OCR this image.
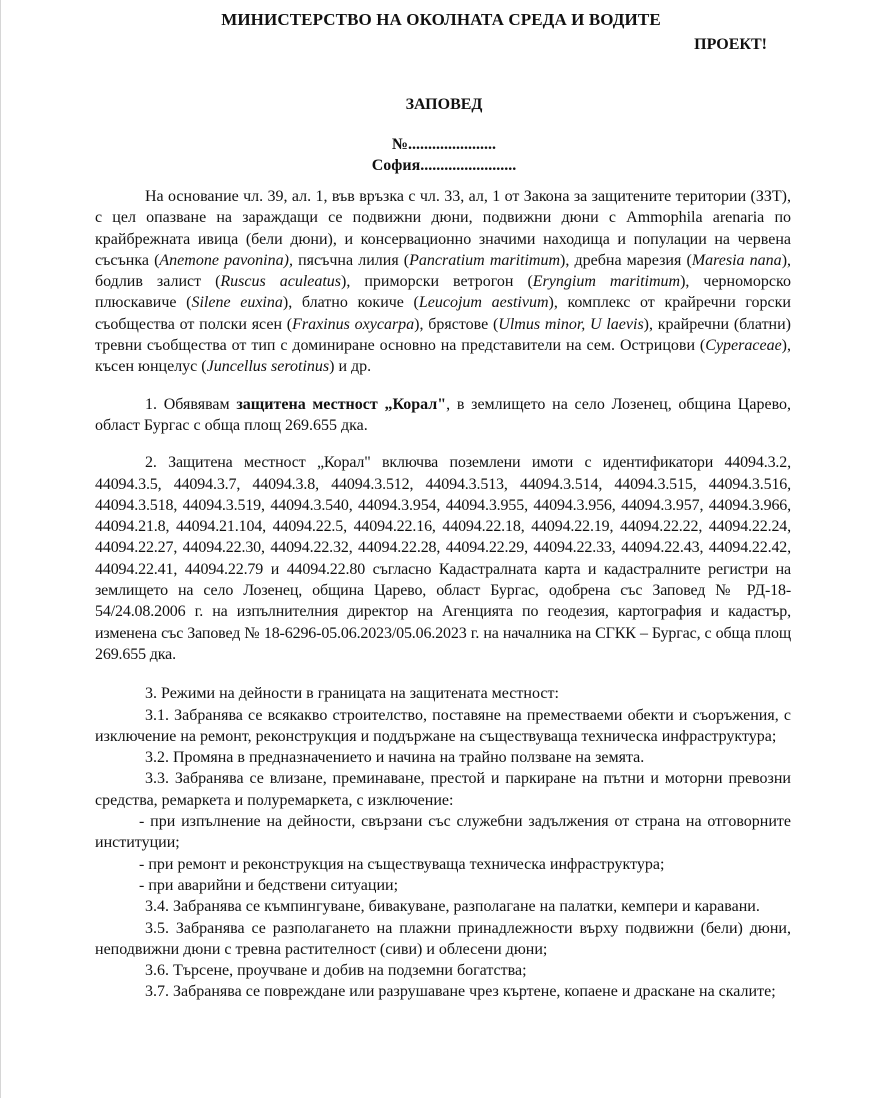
МИНИСТЕРСТВО НА ОКОЛНАТА СРЕДА И ВОДИТЕ
ПРОЕКТ!
ЗАПОВЕД
№......................
София........................

На основание чл. 39, ал. 1, във връзка с чл. 33, ал, 1 от Закона за защитените територии (ЗЗТ), с цел опазване на зараждащи се подвижни дюни, подвижни дюни с Ammophila arenaria по крайбрежната ивица (бели дюни), и консервационно значими находища и популации на червена съсънка (Anemone pavonina), пясъчна лилия (Pancratium maritimum), дребна марезия (Maresia nana), бодлив залист (Ruscus aculeatus), приморски ветрогон (Eryngium maritimum), черноморско плюскавиче (Silene euxina), блатно кокиче (Leucojum aestivum), комплекс от крайречни горски съобщества от полски ясен (Fraxinus oxycarpa), брястове (Ulmus minor, U laevis), крайречни (блатни) тревни съобщества от тип с доминиране основно на представители на сем. Острицови (Cyperaceae), късен юнцелус (Juncellus serotinus) и др.

1. Обявявам защитена местност „Корал", в землището на село Лозенец, община Царево, област Бургас с обща площ 269.655 дка.

2. Защитена местност „Корал" включва поземлени имоти с идентификатори 44094.3.2, 44094.3.5, 44094.3.7, 44094.3.8, 44094.3.512, 44094.3.513, 44094.3.514, 44094.3.515, 44094.3.516, 44094.3.518, 44094.3.519, 44094.3.540, 44094.3.954, 44094.3.955, 44094.3.956, 44094.3.957, 44094.3.966, 44094.21.8, 44094.21.104, 44094.22.5, 44094.22.16, 44094.22.18, 44094.22.19, 44094.22.22, 44094.22.24, 44094.22.27, 44094.22.30, 44094.22.32, 44094.22.28, 44094.22.29, 44094.22.33, 44094.22.43, 44094.22.42, 44094.22.41, 44094.22.79 и 44094.22.80 съгласно Кадастралната карта и кадастралните регистри на землището на село Лозенец, община Царево, област Бургас, одобрена със Заповед № РД-18-54/24.08.2006 г. на изпълнителния директор на Агенцията по геодезия, картография и кадастър, изменена със Заповед № 18-6296-05.06.2023/05.06.2023 г. на началника на СГКК – Бургас, с обща площ 269.655 дка.

3. Режими на дейности в границата на защитената местност:

3.1. Забранява се всякакво строителство, поставяне на преместваеми обекти и съоръжения, с изключение на ремонт, реконструкция и поддържане на съществуваща техническа инфраструктура;

3.2. Промяна в предназначението и начина на трайно ползване на земята.

3.3. Забранява се влизане, преминаване, престой и паркиране на пътни и моторни превозни средства, ремаркета и полуремаркета, с изключение:

- при изпълнение на дейности, свързани със служебни задължения от страна на отговорните институции;

- при ремонт и реконструкция на съществуваща техническа инфраструктура;

- при аварийни и бедствени ситуации;

3.4. Забранява се къмпингуване, бивакуване, разполагане на палатки, кемпери и каравани.

3.5. Забранява се разполагането на плажни принадлежности върху подвижни (бели) дюни, неподвижни дюни с тревна растителност (сиви) и облесени дюни;

3.6. Търсене, проучване и добив на подземни богатства;

3.7. Забранява се повреждане или разрушаване чрез къртене, копаене и драскане на скалите;
